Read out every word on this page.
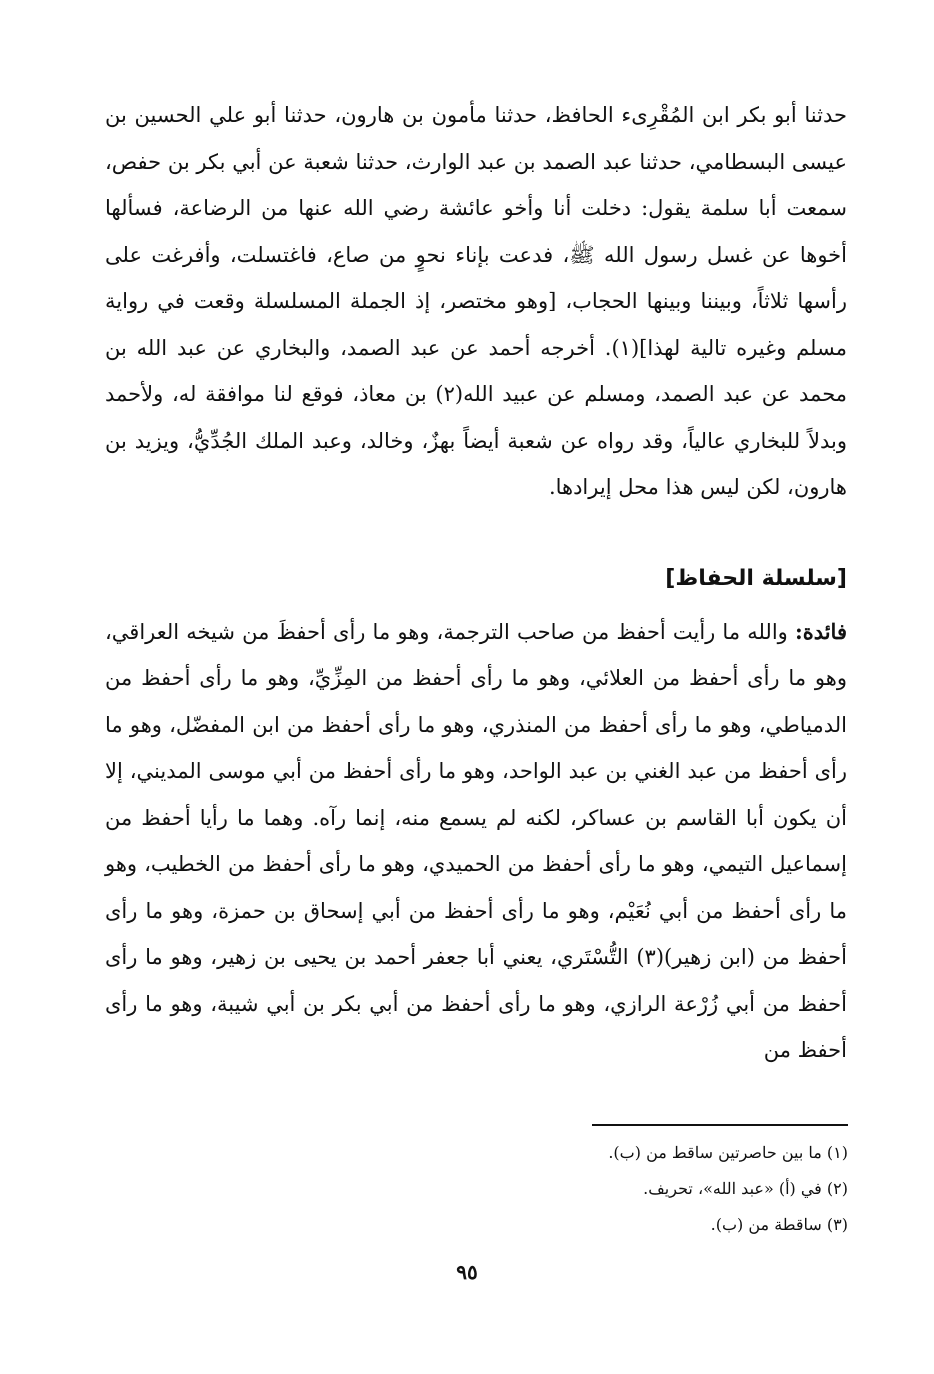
حدثنا أبو بكر ابن المُقْرِىء الحافظ، حدثنا مأمون بن هارون، حدثنا أبو علي الحسين بن عيسى البسطامي، حدثنا عبد الصمد بن عبد الوارث، حدثنا شعبة عن أبي بكر بن حفص، سمعت أبا سلمة يقول: دخلت أنا وأخو عائشة رضي الله عنها من الرضاعة، فسألها أخوها عن غسل رسول الله ﷺ، فدعت بإناء نحوٍ من صاع، فاغتسلت، وأفرغت على رأسها ثلاثاً، وبيننا وبينها الحجاب، [وهو مختصر، إذ الجملة المسلسلة وقعت في رواية مسلم وغيره تالية لهذا](١). أخرجه أحمد عن عبد الصمد، والبخاري عن عبد الله بن محمد عن عبد الصمد، ومسلم عن عبيد الله(٢) بن معاذ، فوقع لنا موافقة له، ولأحمد وبدلاً للبخاري عالياً، وقد رواه عن شعبة أيضاً بهزٌ، وخالد، وعبد الملك الجُدِّيُّ، ويزيد بن هارون، لكن ليس هذا محل إيرادها.

[سلسلة الحفاظ]

فائدة: والله ما رأيت أحفظ من صاحب الترجمة، وهو ما رأى أحفظَ من شيخه العراقي، وهو ما رأى أحفظ من العلائي، وهو ما رأى أحفظ من المِزِّيِّ، وهو ما رأى أحفظ من الدمياطي، وهو ما رأى أحفظ من المنذري، وهو ما رأى أحفظ من ابن المفضّل، وهو ما رأى أحفظ من عبد الغني بن عبد الواحد، وهو ما رأى أحفظ من أبي موسى المديني، إلا أن يكون أبا القاسم بن عساكر، لكنه لم يسمع منه، إنما رآه. وهما ما رأيا أحفظ من إسماعيل التيمي، وهو ما رأى أحفظ من الحميدي، وهو ما رأى أحفظ من الخطيب، وهو ما رأى أحفظ من أبي نُعَيْم، وهو ما رأى أحفظ من أبي إسحاق بن حمزة، وهو ما رأى أحفظ من (ابن زهير)(٣) التُّسْتَري، يعني أبا جعفر أحمد بن يحيى بن زهير، وهو ما رأى أحفظ من أبي زُرْعة الرازي، وهو ما رأى أحفظ من أبي بكر بن أبي شيبة، وهو ما رأى أحفظ من

(١) ما بين حاصرتين ساقط من (ب).
(٢) في (أ) «عبد الله»، تحريف.
(٣) ساقطة من (ب).
٩٥
